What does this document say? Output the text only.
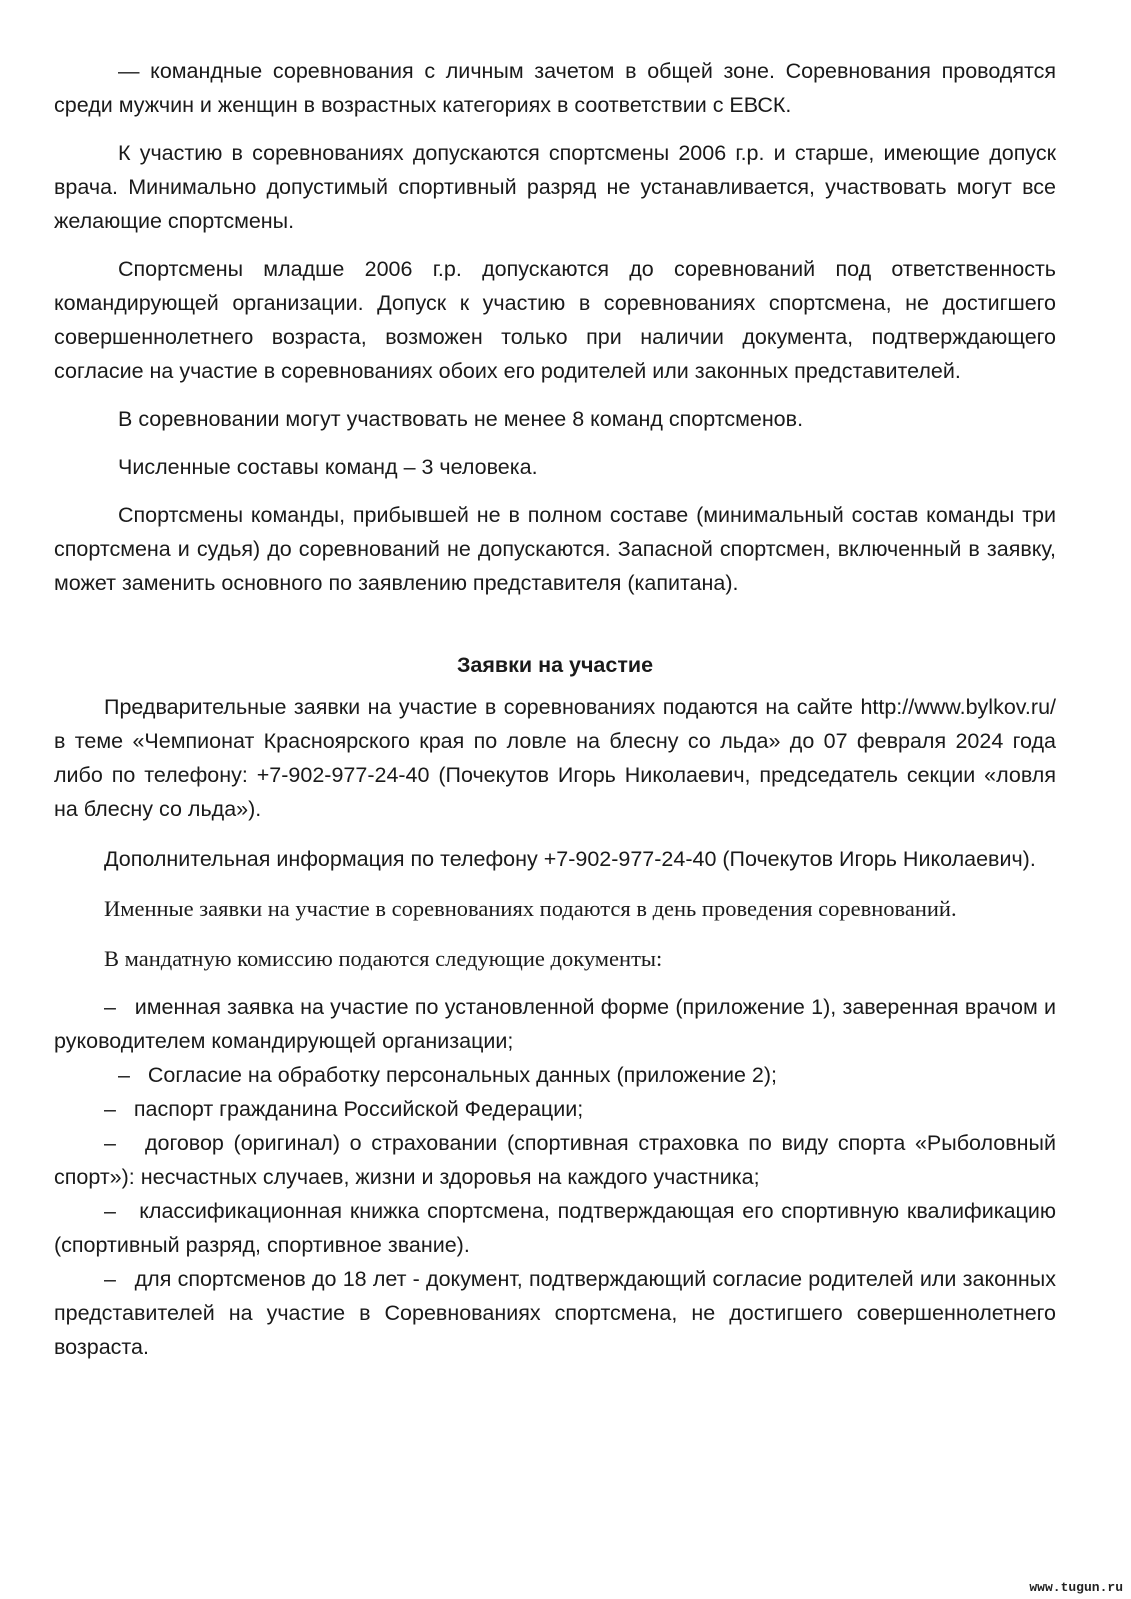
— командные соревнования с личным зачетом в общей зоне. Соревнования проводятся среди мужчин и женщин в возрастных категориях в соответствии с ЕВСК.

К участию в соревнованиях допускаются спортсмены 2006 г.р. и старше, имеющие допуск врача. Минимально допустимый спортивный разряд не устанавливается, участвовать могут все желающие спортсмены.

Спортсмены младше 2006 г.р. допускаются до соревнований под ответственность командирующей организации. Допуск к участию в соревнованиях спортсмена, не достигшего совершеннолетнего возраста, возможен только при наличии документа, подтверждающего согласие на участие в соревнованиях обоих его родителей или законных представителей.

В соревновании могут участвовать не менее 8 команд спортсменов.

Численные составы команд – 3 человека.

Спортсмены команды, прибывшей не в полном составе (минимальный состав команды три спортсмена и судья) до соревнований не допускаются. Запасной спортсмен, включенный в заявку, может заменить основного по заявлению представителя (капитана).

Заявки на участие

Предварительные заявки на участие в соревнованиях подаются на сайте http://www.bylkov.ru/ в теме «Чемпионат Красноярского края по ловле на блесну со льда» до 07 февраля 2024 года либо по телефону: +7-902-977-24-40 (Почекутов Игорь Николаевич, председатель секции «ловля на блесну со льда»).

Дополнительная информация по телефону +7-902-977-24-40 (Почекутов Игорь Николаевич).

Именные заявки на участие в соревнованиях подаются в день проведения соревнований.

В мандатную комиссию подаются следующие документы:

– именная заявка на участие по установленной форме (приложение 1), заверенная врачом и руководителем командирующей организации;

– Согласие на обработку персональных данных (приложение 2);

– паспорт гражданина Российской Федерации;

– договор (оригинал) о страховании (спортивная страховка по виду спорта «Рыболовный спорт»): несчастных случаев, жизни и здоровья на каждого участника;

– классификационная книжка спортсмена, подтверждающая его спортивную квалификацию (спортивный разряд, спортивное звание).

– для спортсменов до 18 лет - документ, подтверждающий согласие родителей или законных представителей на участие в Соревнованиях спортсмена, не достигшего совершеннолетнего возраста.

www.tugun.ru
